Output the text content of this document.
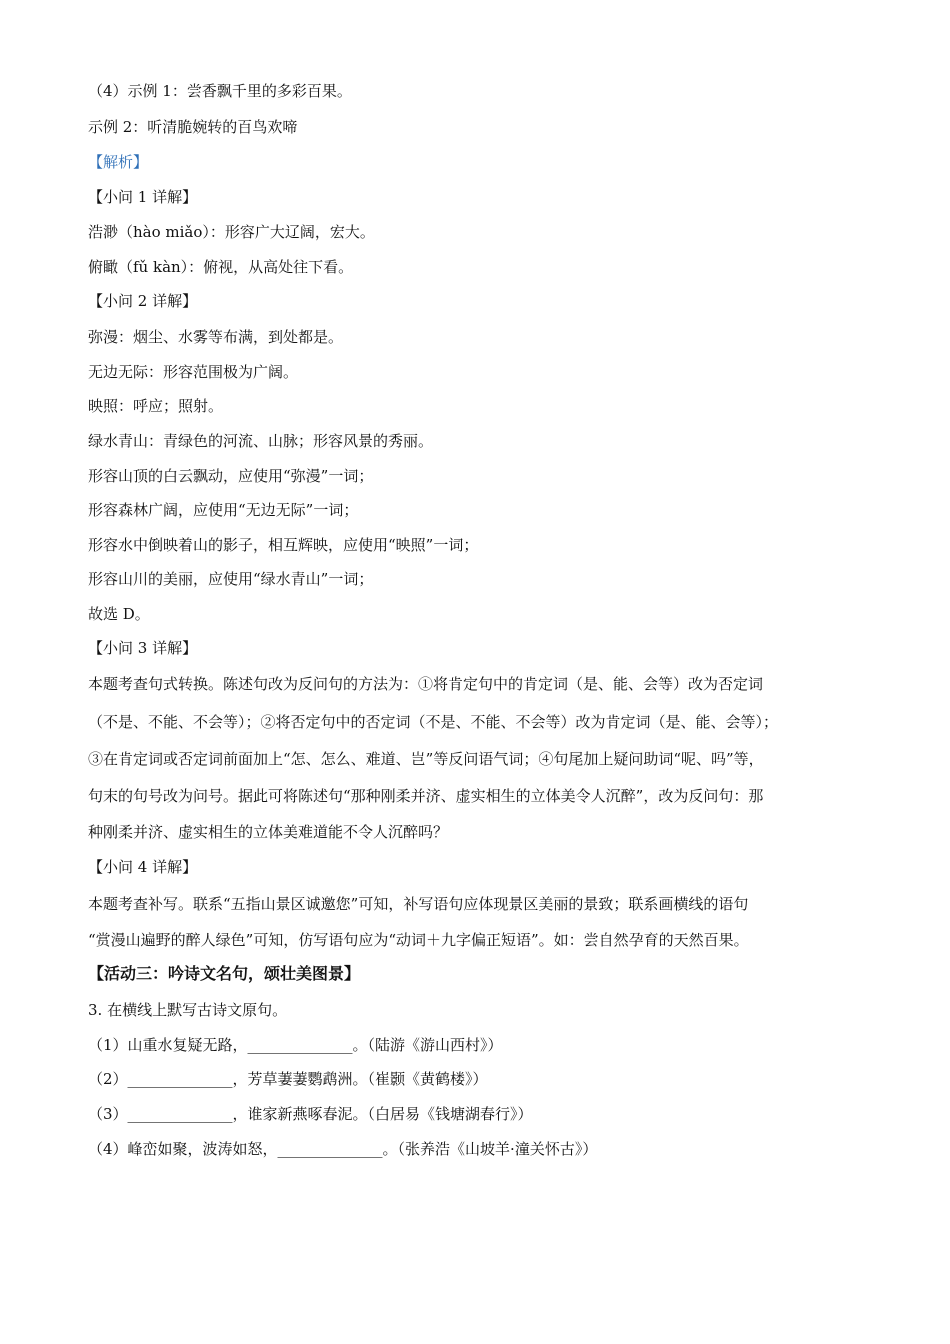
（4）示例 1：尝香飘千里的多彩百果。
示例 2：听清脆婉转的百鸟欢啼
【解析】
【小问 1 详解】
浩渺（hào miǎo）：形容广大辽阔，宏大。
俯瞰（fǔ kàn）：俯视，从高处往下看。
【小问 2 详解】
弥漫：烟尘、水雾等布满，到处都是。
无边无际：形容范围极为广阔。
映照：呼应；照射。
绿水青山：青绿色的河流、山脉；形容风景的秀丽。
形容山顶的白云飘动，应使用“弥漫”一词；
形容森林广阔，应使用“无边无际”一词；
形容水中倒映着山的影子，相互辉映，应使用“映照”一词；
形容山川的美丽，应使用“绿水青山”一词；
故选 D。
【小问 3 详解】
本题考查句式转换。陈述句改为反问句的方法为：①将肯定句中的肯定词（是、能、会等）改为否定词
（不是、不能、不会等）；②将否定句中的否定词（不是、不能、不会等）改为肯定词（是、能、会等）；
③在肯定词或否定词前面加上“怎、怎么、难道、岂”等反问语气词；④句尾加上疑问助词“呢、吗”等，
句末的句号改为问号。据此可将陈述句“那种刚柔并济、虚实相生的立体美令人沉醉”，改为反问句：那
种刚柔并济、虚实相生的立体美难道能不令人沉醉吗？
【小问 4 详解】
本题考查补写。联系“五指山景区诚邀您”可知，补写语句应体现景区美丽的景致；联系画横线的语句
“赏漫山遍野的醉人绿色”可知，仿写语句应为“动词＋九字偏正短语”。如：尝自然孕育的天然百果。
【活动三：吟诗文名句，颂壮美图景】
3. 在横线上默写古诗文原句。
（1）山重水复疑无路，______________。（陆游《游山西村》）
（2）______________，芳草萋萋鹦鹉洲。（崔颢《黄鹤楼》）
（3）______________，谁家新燕啄春泥。（白居易《钱塘湖春行》）
（4）峰峦如聚，波涛如怒，______________。（张养浩《山坡羊·潼关怀古》）
